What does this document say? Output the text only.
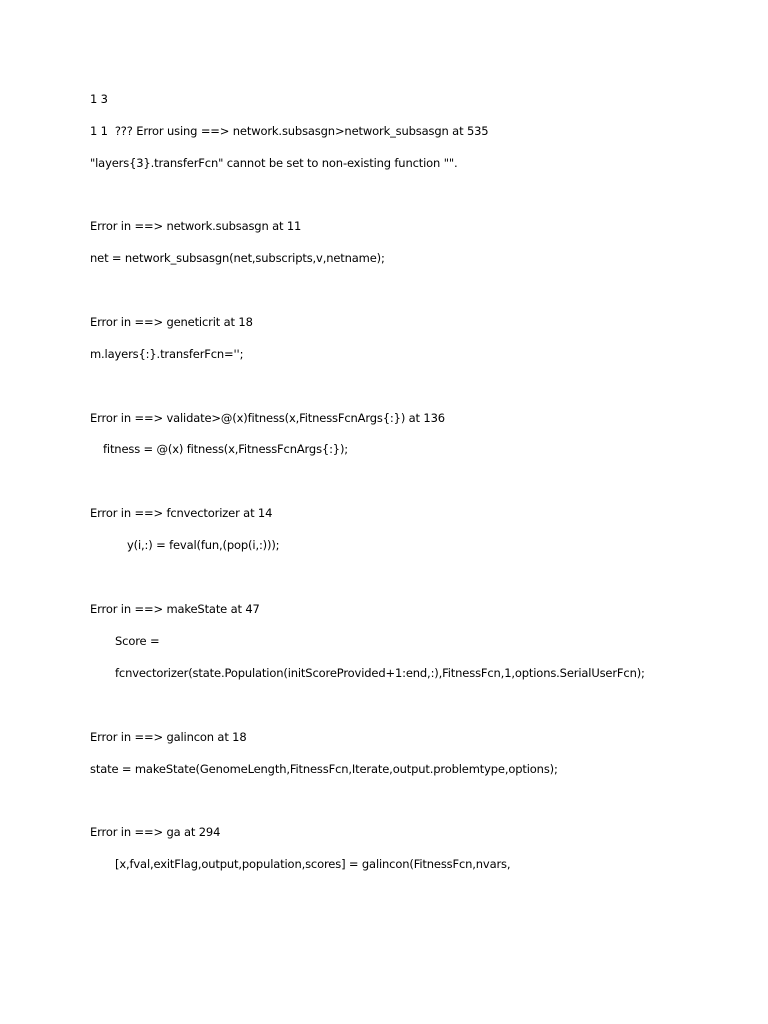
1 3
1 1  ??? Error using ==> network.subsasgn>network_subsasgn at 535
"layers{3}.transferFcn" cannot be set to non-existing function "".
Error in ==> network.subsasgn at 11
net = network_subsasgn(net,subscripts,v,netname);
Error in ==> geneticrit at 18
m.layers{:}.transferFcn='';
Error in ==> validate>@(x)fitness(x,FitnessFcnArgs{:}) at 136
fitness = @(x) fitness(x,FitnessFcnArgs{:});
Error in ==> fcnvectorizer at 14
y(i,:) = feval(fun,(pop(i,:)));
Error in ==> makeState at 47
Score =
fcnvectorizer(state.Population(initScoreProvided+1:end,:),FitnessFcn,1,options.SerialUserFcn);
Error in ==> galincon at 18
state = makeState(GenomeLength,FitnessFcn,Iterate,output.problemtype,options);
Error in ==> ga at 294
[x,fval,exitFlag,output,population,scores] = galincon(FitnessFcn,nvars,
